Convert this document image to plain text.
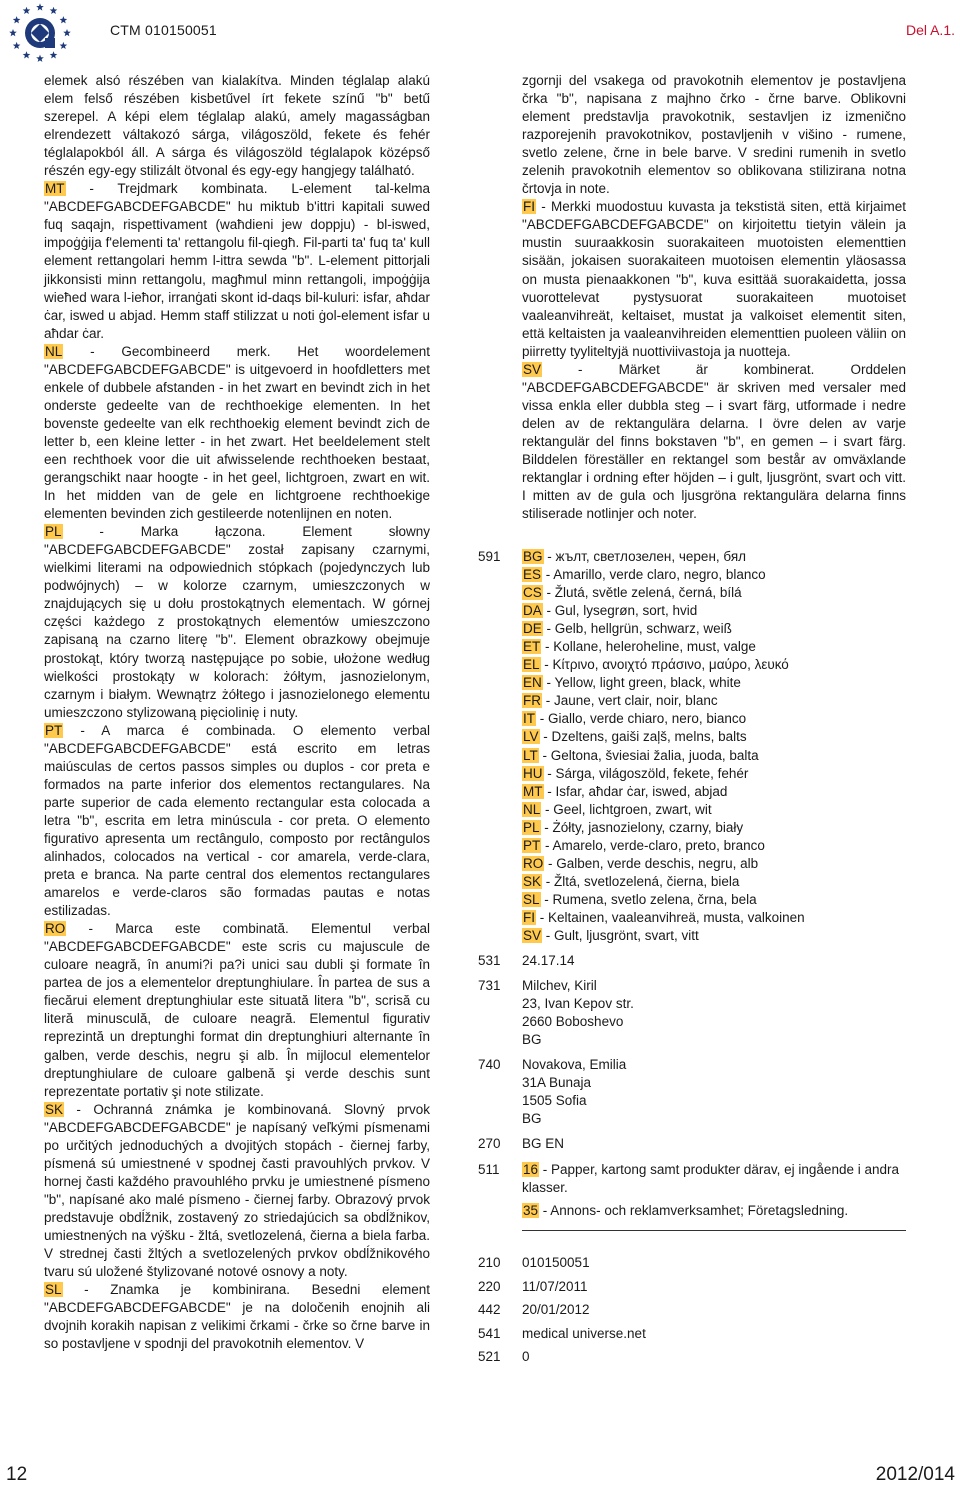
CTM 010150051	Del A.1.

elemek alsó részében van kialakítva. Minden téglalap alakú elem felső részében kisbetűvel írt fekete színű "b" betű szerepel. A képi elem téglalap alakú, amely magasságban elrendezett váltakozó sárga, világoszöld, fekete és fehér téglalapokból áll. A sárga és világoszöld téglalapok középső részén egy-egy stilizált ötvonal és egy-egy hangjegy található.

MT - Trejdmark kombinata. L-element tal-kelma "ABCDEFGABCDEFGABCDE" hu miktub b'ittri kapitali suwed fuq saqajn, rispettivament (waħdieni jew doppju) - bl-iswed, impoġġija f'elementi ta' rettangolu fil-qiegħ. Fil-parti ta' fuq ta' kull element rettangolari hemm l-ittra sewda "b". L-element pittorjali jikkonsisti minn rettangolu, magħmul minn rettangoli, impoġġija wieħed wara l-ieħor, irranġati skont id-daqs bil-kuluri: isfar, aħdar ċar, iswed u abjad. Hemm staff stilizzat u noti ġol-element isfar u aħdar ċar.

NL - Gecombineerd merk. Het woordelement "ABCDEFGABCDEFGABCDE" is uitgevoerd in hoofdletters met enkele of dubbele afstanden - in het zwart en bevindt zich in het onderste gedeelte van de rechthoekige elementen. In het bovenste gedeelte van elk rechthoekig element bevindt zich de letter b, een kleine letter - in het zwart. Het beeldelement stelt een rechthoek voor die uit afwisselende rechthoeken bestaat, gerangschikt naar hoogte - in het geel, lichtgroen, zwart en wit. In het midden van de gele en lichtgroene rechthoekige elementen bevinden zich gestileerde notenlijnen en noten.

PL - Marka łączona. Element słowny "ABCDEFGABCDEFGABCDE" został zapisany czarnymi, wielkimi literami na odpowiednich stópkach (pojedynczych lub podwójnych) – w kolorze czarnym, umieszczonych w znajdujących się u dołu prostokątnych elementach. W górnej części każdego z prostokątnych elementów umieszczono zapisaną na czarno literę "b". Element obrazkowy obejmuje prostokąt, który tworzą następujące po sobie, ułożone według wielkości prostokąty w kolorach: żółtym, jasnozielonym, czarnym i białym. Wewnątrz żółtego i jasnozielonego elementu umieszczono stylizowaną pięciolinię i nuty.

PT - A marca é combinada. O elemento verbal "ABCDEFGABCDEFGABCDE" está escrito em letras maiúsculas de certos passos simples ou duplos - cor preta e formados na parte inferior dos elementos rectangulares. Na parte superior de cada elemento rectangular esta colocada a letra "b", escrita em letra minúscula - cor preta. O elemento figurativo apresenta um rectângulo, composto por rectângulos alinhados, colocados na vertical - cor amarela, verde-clara, preta e branca. Na parte central dos elementos rectangulares amarelos e verde-claros são formadas pautas e notas estilizadas.

RO - Marca este combinată. Elementul verbal "ABCDEFGABCDEFGABCDE" este scris cu majuscule de culoare neagră, în anumi?i pa?i unici sau dubli şi formate în partea de jos a elementelor dreptunghiulare. În partea de sus a fiecărui element dreptunghiular este situată litera "b", scrisă cu literă minusculă, de culoare neagră. Elementul figurativ reprezintă un dreptunghi format din dreptunghiuri alternante în galben, verde deschis, negru şi alb. În mijlocul elementelor dreptunghiulare de culoare galbenă şi verde deschis sunt reprezentate portativ şi note stilizate.

SK - Ochranná známka je kombinovaná. Slovný prvok "ABCDEFGABCDEFGABCDE" je napísaný veľkými písmenami po určitých jednoduchých a dvojitých stopách - čiernej farby, písmená sú umiestnené v spodnej časti pravouhlých prvkov. V hornej časti každého pravouhlého prvku je umiestnené písmeno "b", napísané ako malé písmeno - čiernej farby. Obrazový prvok predstavuje obdĺžnik, zostavený zo striedajúcich sa obdĺžnikov, umiestnených na výšku - žltá, svetlozelená, čierna a biela farba. V strednej časti žltých a svetlozelených prvkov obdĺžnikového tvaru sú uložené štylizované notové osnovy a noty.

SL - Znamka je kombinirana. Besedni element "ABCDEFGABCDEFGABCDE" je na določenih enojnih ali dvojnih korakih napisan z velikimi črkami - črke so črne barve in so postavljene v spodnji del pravokotnih elementov. V

zgornji del vsakega od pravokotnih elementov je postavljena črka "b", napisana z majhno črko - črne barve. Oblikovni element predstavlja pravokotnik, sestavljen iz izmenično razporejenih pravokotnikov, postavljenih v višino - rumene, svetlo zelene, črne in bele barve. V sredini rumenih in svetlo zelenih pravokotnih elementov so oblikovana stilizirana notna črtovja in note.

FI - Merkki muodostuu kuvasta ja tekstistä siten, että kirjaimet "ABCDEFGABCDEFGABCDE" on kirjoitettu tietyin välein ja mustin suuraakkosin suorakaiteen muotoisten elementtien sisään, jokaisen suorakaiteen muotoisen elementin yläosassa on musta pienaakkonen "b", kuva esittää suorakaidetta, jossa vuorottelevat pystysuorat suorakaiteen muotoiset vaaleanvihreät, keltaiset, mustat ja valkoiset elementit siten, että keltaisten ja vaaleanvihreiden elementtien puoleen väliin on piirretty tyyliteltyjä nuottiviivastoja ja nuotteja.

SV - Märket är kombinerat. Orddelen "ABCDEFGABCDEFGABCDE" är skriven med versaler med vissa enkla eller dubbla steg – i svart färg, utformade i nedre delen av de rektangulära delarna. I övre delen av varje rektangulär del finns bokstaven "b", en gemen – i svart färg. Bilddelen föreställer en rektangel som består av omväxlande rektanglar i ordning efter höjden – i gult, ljusgrönt, svart och vitt. I mitten av de gula och ljusgröna rektangulära delarna finns stiliserade notlinjer och noter.

591	BG - жълт, светлозелен, черен, бял
ES - Amarillo, verde claro, negro, blanco
CS - Žlutá, světle zelená, černá, bílá
DA - Gul, lysegrøn, sort, hvid
DE - Gelb, hellgrün, schwarz, weiß
ET - Kollane, heleroheline, must, valge
EL - Κίτρινο, ανοιχτό πράσινο, μαύρο, λευκό
EN - Yellow, light green, black, white
FR - Jaune, vert clair, noir, blanc
IT - Giallo, verde chiaro, nero, bianco
LV - Dzeltens, gaiši zaļš, melns, balts
LT - Geltona, šviesiai žalia, juoda, balta
HU - Sárga, világoszöld, fekete, fehér
MT - Isfar, aħdar ċar, iswed, abjad
NL - Geel, lichtgroen, zwart, wit
PL - Żółty, jasnozielony, czarny, biały
PT - Amarelo, verde-claro, preto, branco
RO - Galben, verde deschis, negru, alb
SK - Žltá, svetlozelená, čierna, biela
SL - Rumena, svetlo zelena, črna, bela
FI - Keltainen, vaaleanvihreä, musta, valkoinen
SV - Gult, ljusgrönt, svart, vitt
531	24.17.14
731	Milchev, Kiril
23, Ivan Kepov str.
2660 Boboshevo
BG
740	Novakova, Emilia
31A Bunaja
1505 Sofia
BG
270	BG EN
511	16 - Papper, kartong samt produkter därav, ej ingående i andra klasser.
35 - Annons- och reklamverksamhet; Företagsledning.
210	010150051
220	11/07/2011
442	20/01/2012
541	medical universe.net
521	0
12	2012/014
